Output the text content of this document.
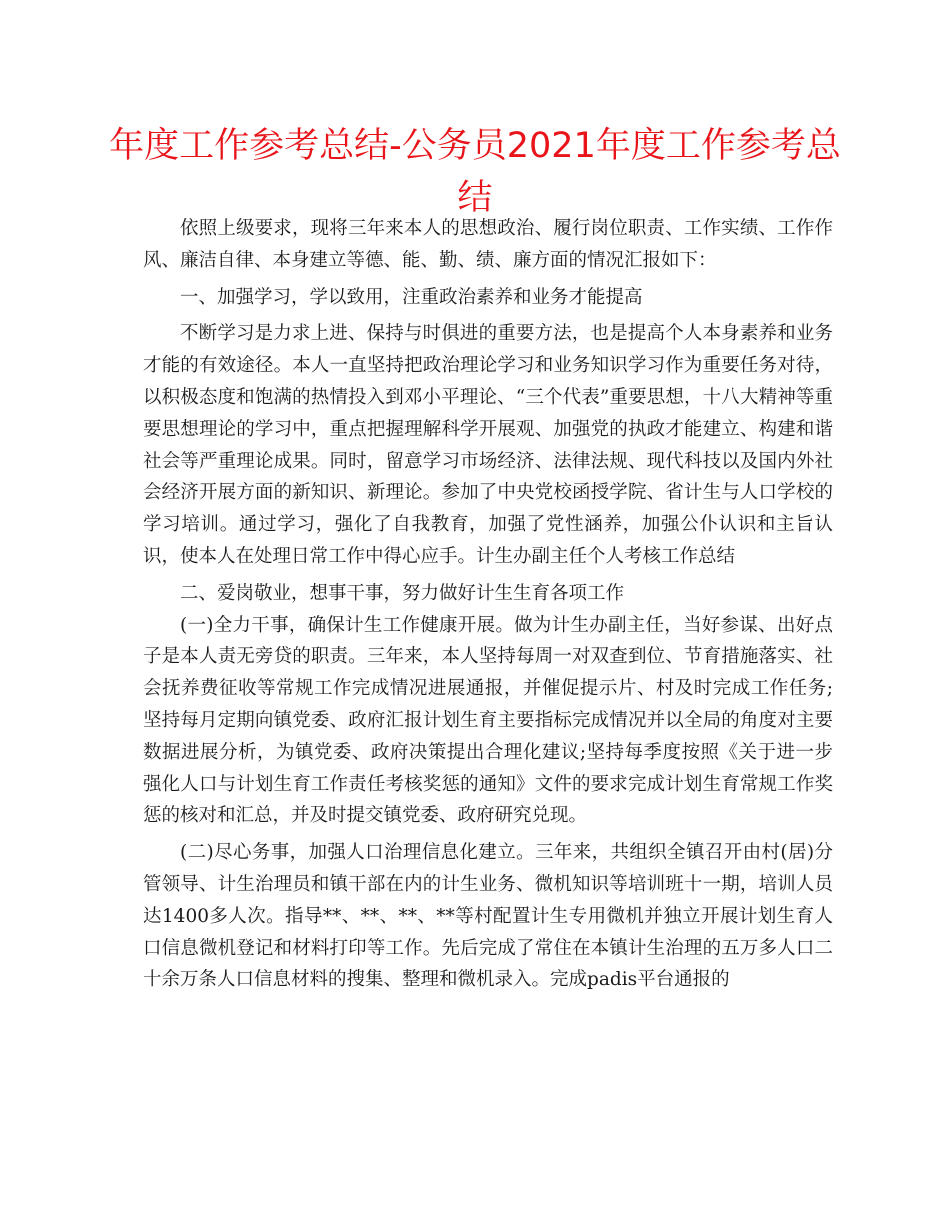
年度工作参考总结-公务员2021年度工作参考总结

依照上级要求，现将三年来本人的思想政治、履行岗位职责、工作实绩、工作作风、廉洁自律、本身建立等德、能、勤、绩、廉方面的情况汇报如下：

一、加强学习，学以致用，注重政治素养和业务才能提高

不断学习是力求上进、保持与时俱进的重要方法，也是提高个人本身素养和业务才能的有效途径。本人一直坚持把政治理论学习和业务知识学习作为重要任务对待，以积极态度和饱满的热情投入到邓小平理论、“三个代表”重要思想，十八大精神等重要思想理论的学习中，重点把握理解科学开展观、加强党的执政才能建立、构建和谐社会等严重理论成果。同时，留意学习市场经济、法律法规、现代科技以及国内外社会经济开展方面的新知识、新理论。参加了中央党校函授学院、省计生与人口学校的学习培训。通过学习，强化了自我教育，加强了党性涵养，加强公仆认识和主旨认识，使本人在处理日常工作中得心应手。计生办副主任个人考核工作总结

二、爱岗敬业，想事干事，努力做好计生生育各项工作

(一)全力干事，确保计生工作健康开展。做为计生办副主任，当好参谋、出好点子是本人责无旁贷的职责。三年来，本人坚持每周一对双查到位、节育措施落实、社会抚养费征收等常规工作完成情况进展通报，并催促提示片、村及时完成工作任务;坚持每月定期向镇党委、政府汇报计划生育主要指标完成情况并以全局的角度对主要数据进展分析，为镇党委、政府决策提出合理化建议;坚持每季度按照《关于进一步强化人口与计划生育工作责任考核奖惩的通知》文件的要求完成计划生育常规工作奖惩的核对和汇总，并及时提交镇党委、政府研究兑现。

(二)尽心务事，加强人口治理信息化建立。三年来，共组织全镇召开由村(居)分管领导、计生治理员和镇干部在内的计生业务、微机知识等培训班十一期，培训人员达1400多人次。指导**、**、**、**等村配置计生专用微机并独立开展计划生育人口信息微机登记和材料打印等工作。先后完成了常住在本镇计生治理的五万多人口二十余万条人口信息材料的搜集、整理和微机录入。完成padis平台通报的
